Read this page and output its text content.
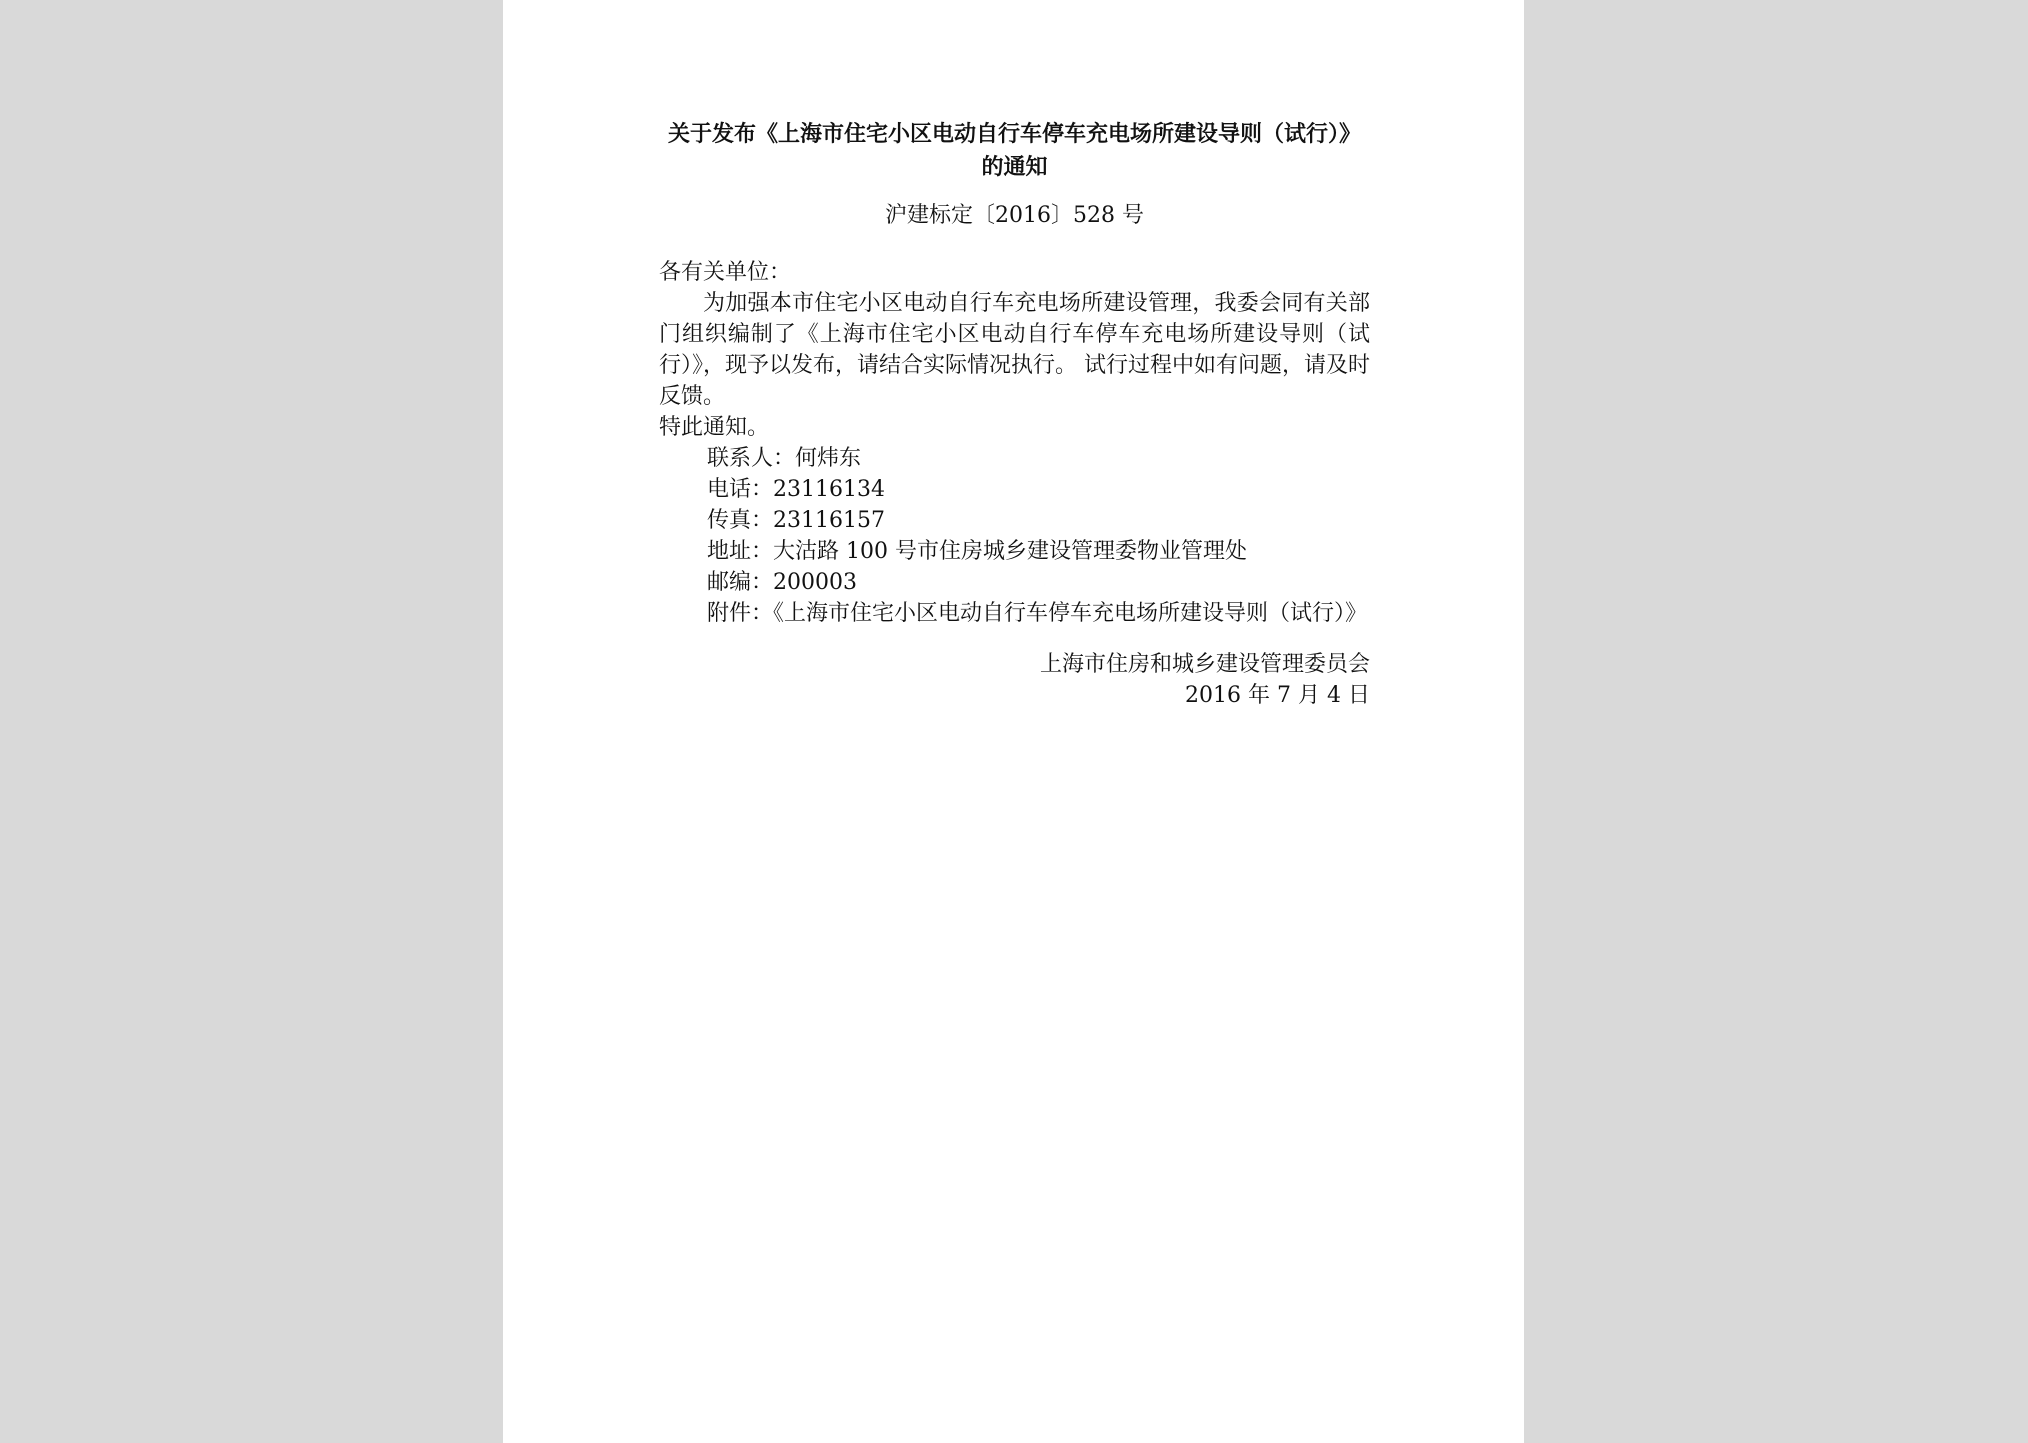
关于发布《上海市住宅小区电动自行车停车充电场所建设导则（试行）》的通知
沪建标定〔2016〕528 号
各有关单位：
为加强本市住宅小区电动自行车充电场所建设管理，我委会同有关部门组织编制了《上海市住宅小区电动自行车停车充电场所建设导则（试行）》，现予以发布，请结合实际情况执行。 试行过程中如有问题，请及时反馈。
特此通知。
联系人：何炜东
电话：23116134
传真：23116157
地址：大沽路 100 号市住房城乡建设管理委物业管理处
邮编：200003
附件：《上海市住宅小区电动自行车停车充电场所建设导则（试行）》
上海市住房和城乡建设管理委员会
2016 年 7 月 4 日
